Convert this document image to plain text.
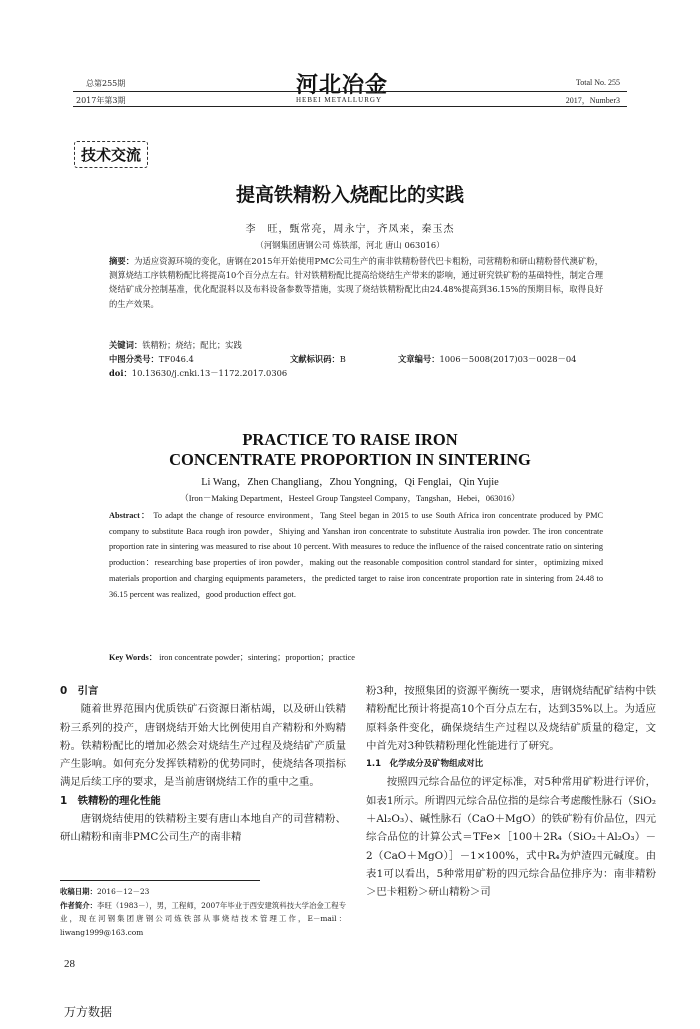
总第255期
2017年第3期
河北冶金
HEBEI METALLURGY
Total No. 255
2017，Number3
技术交流
提高铁精粉入烧配比的实践
李　旺，甄常亮，周永宁，齐凤来，秦玉杰
（河钢集团唐钢公司 炼铁部，河北 唐山 063016）
摘要：为适应资源环境的变化，唐钢在2015年开始使用PMC公司生产的南非铁精粉替代巴卡粗粉，司营精粉和研山精粉替代澳矿粉，测算烧结工序铁精粉配比将提高10个百分点左右。针对铁精粉配比提高给烧结生产带来的影响，通过研究铁矿粉的基础特性，制定合理烧结矿成分控制基准，优化配混料以及布料设备参数等措施，实现了烧结铁精粉配比由24.48%提高到36.15%的预期目标，取得良好的生产效果。
关键词：铁精粉；烧结；配比；实践
中图分类号：TF046.4	文献标识码：B	文章编号：1006－5008(2017)03－0028－04
doi：10.13630/j.cnki.13－1172.2017.0306
PRACTICE TO RAISE IRON
CONCENTRATE PROPORTION IN SINTERING
Li Wang，Zhen Changliang，Zhou Yongning，Qi Fenglai，Qin Yujie
（Iron－Making Department，Hesteel Group Tangsteel Company，Tangshan，Hebei，063016）
Abstract： To adapt the change of resource environment，Tang Steel began in 2015 to use South Africa iron concentrate produced by PMC company to substitute Baca rough iron powder，Shiying and Yanshan iron concentrate to substitute Australia iron powder. The iron concentrate proportion rate in sintering was measured to rise about 10 percent. With measures to reduce the influence of the raised concentrate ratio on sintering production：researching base properties of iron powder，making out the reasonable composition control standard for sinter，optimizing mixed materials proportion and charging equipments parameters，the predicted target to raise iron concentrate proportion rate in sintering from 24.48 to 36.15 percent was realized，good production effect got.
Key Words： iron concentrate powder；sintering；proportion；practice
0　 引言

随着世界范围内优质铁矿石资源日渐枯竭，以及研山铁精粉三系列的投产，唐钢烧结开始大比例使用自产精粉和外购精粉。铁精粉配比的增加必然会对烧结生产过程及烧结矿产质量产生影响。如何充分发挥铁精粉的优势同时，使烧结各项指标满足后续工序的要求，是当前唐钢烧结工作的重中之重。

1　 铁精粉的理化性能

唐钢烧结使用的铁精粉主要有唐山本地自产的司营精粉、研山精粉和南非PMC公司生产的南非精

收稿日期：2016－12－23
作者简介：李旺（1983－），男，工程师，2007年毕业于西安建筑科技大学冶金工程专业，现在河钢集团唐钢公司炼铁部从事烧结技术管理工作，E－mail：liwang1999@163.com

粉3种，按照集团的资源平衡统一要求，唐钢烧结配矿结构中铁精粉配比预计将提高10个百分点左右，达到35%以上。为适应原料条件变化，确保烧结生产过程以及烧结矿质量的稳定，文中首先对3种铁精粉理化性能进行了研究。

1.1　 化学成分及矿物组成对比

按照四元综合品位的评定标准，对5种常用矿粉进行评价，如表1所示。所谓四元综合品位指的是综合考虑酸性脉石（SiO₂＋Al₂O₃）、碱性脉石（CaO＋MgO）的铁矿粉有价品位，四元综合品位的计算公式＝TFe×［100＋2R₄（SiO₂＋Al₂O₃）－2（CaO＋MgO）］－1×100%，式中R₄为炉渣四元碱度。由表1可以看出，5种常用矿粉的四元综合品位排序为：南非精粉＞巴卡粗粉＞研山精粉＞司

28
万方数据
